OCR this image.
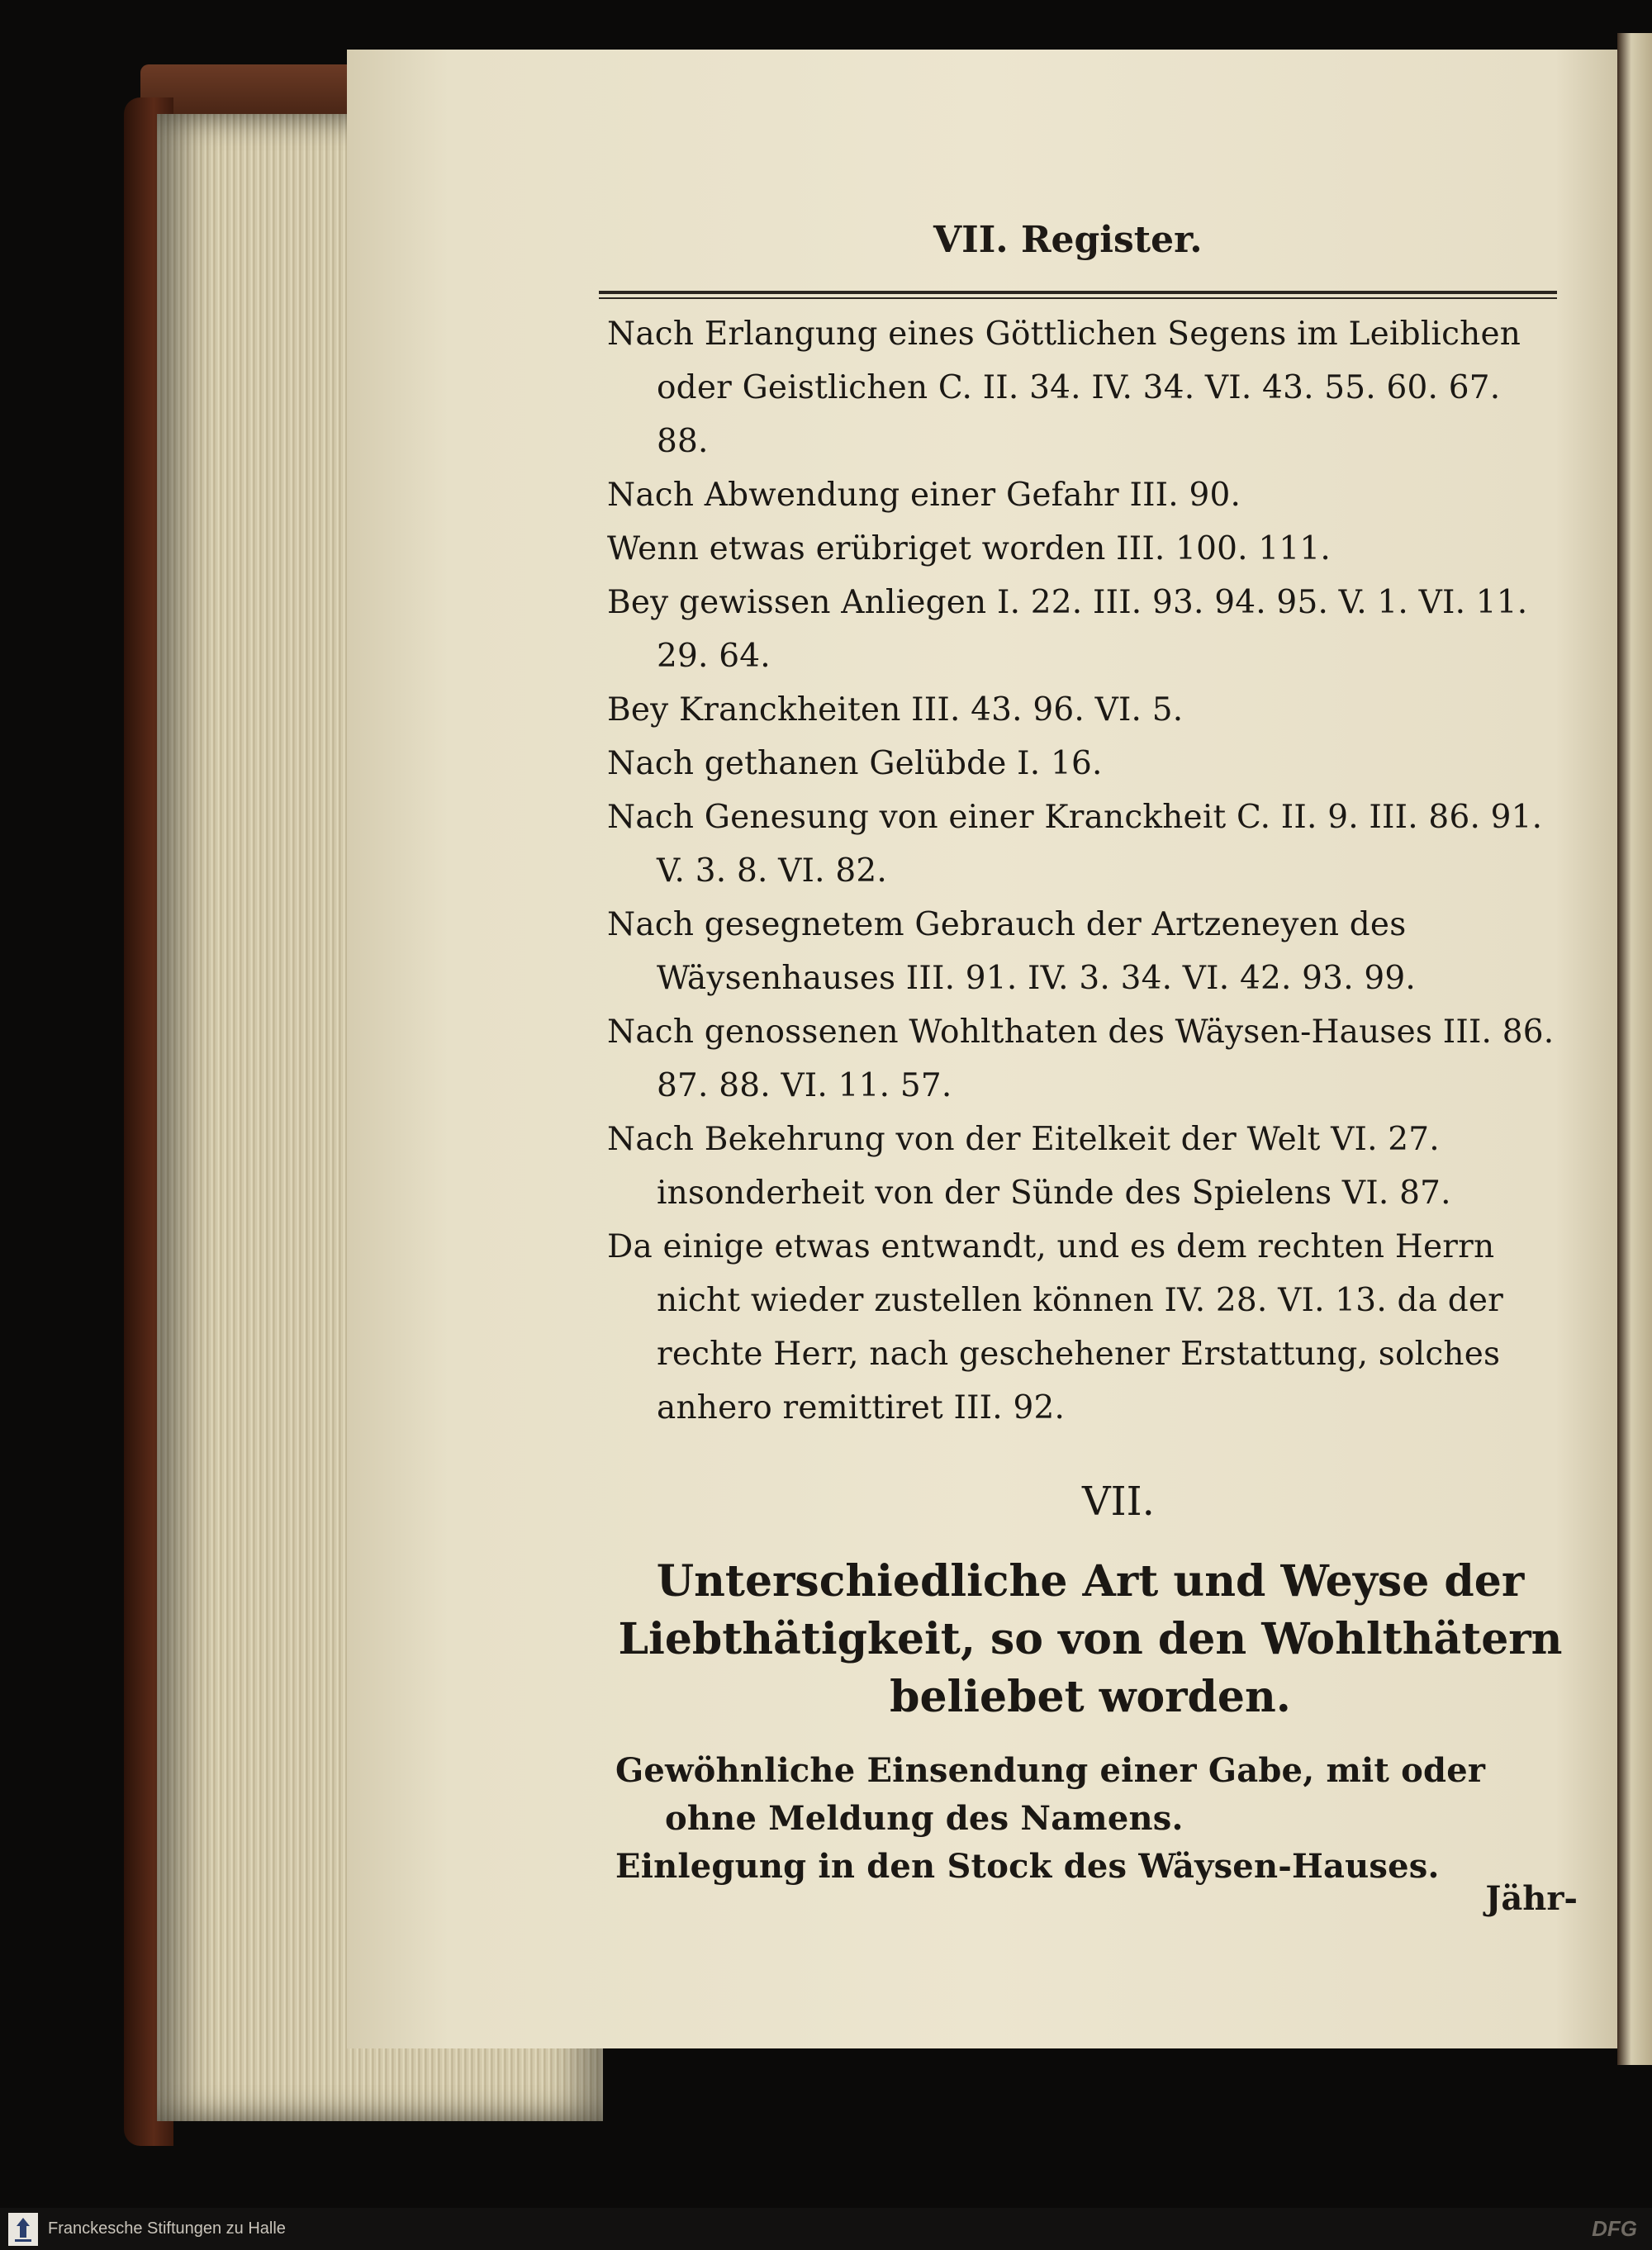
VII. Register.

Nach Erlangung eines Göttlichen Segens im Leiblichen oder Geistlichen C. II. 34. IV. 34. VI. 43. 55. 60. 67. 88.

Nach Abwendung einer Gefahr III. 90.

Wenn etwas erübriget worden III. 100. 111.

Bey gewissen Anliegen I. 22. III. 93. 94. 95. V. 1. VI. 11. 29. 64.

Bey Kranckheiten III. 43. 96. VI. 5.

Nach gethanen Gelübde I. 16.

Nach Genesung von einer Kranckheit C. II. 9. III. 86. 91. V. 3. 8. VI. 82.

Nach gesegnetem Gebrauch der Artzeneyen des Wäysenhauses III. 91. IV. 3. 34. VI. 42. 93. 99.

Nach genossenen Wohlthaten des Wäysen-Hauses III. 86. 87. 88. VI. 11. 57.

Nach Bekehrung von der Eitelkeit der Welt VI. 27. insonderheit von der Sünde des Spielens VI. 87.

Da einige etwas entwandt, und es dem rechten Herrn nicht wieder zustellen können IV. 28. VI. 13. da der rechte Herr, nach geschehener Erstattung, solches anhero remittiret III. 92.

VII.
Unterschiedliche Art und Weyse der Liebthätigkeit, so von den Wohlthätern beliebet worden.

Gewöhnliche Einsendung einer Gabe, mit oder ohne Meldung des Namens.

Einlegung in den Stock des Wäysen-Hauses.

Jähr-
Franckesche Stiftungen zu Halle	DFG
